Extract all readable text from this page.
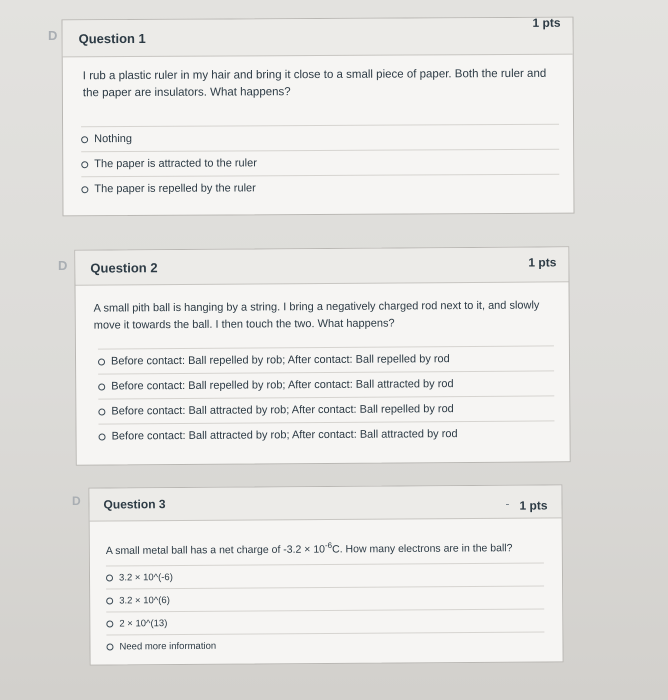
Question 1
1 pts
I rub a plastic ruler in my hair and bring it close to a small piece of paper. Both the ruler and the paper are insulators. What happens?
Nothing
The paper is attracted to the ruler
The paper is repelled by the ruler
D
Question 2	1 pts
A small pith ball is hanging by a string. I bring a negatively charged rod next to it, and slowly move it towards the ball. I then touch the two. What happens?
Before contact: Ball repelled by rob; After contact: Ball repelled by rod
Before contact: Ball repelled by rob; After contact: Ball attracted by rod
Before contact: Ball attracted by rob; After contact: Ball repelled by rod
Before contact: Ball attracted by rob; After contact: Ball attracted by rod
D
Question 3	- 1 pts
A small metal ball has a net charge of $-3.2 \times 10^{-6}C$. How many electrons are in the ball?
3.2 × 10^(-6)
3.2 × 10^(6)
2 × 10^(13)
Need more information
D
